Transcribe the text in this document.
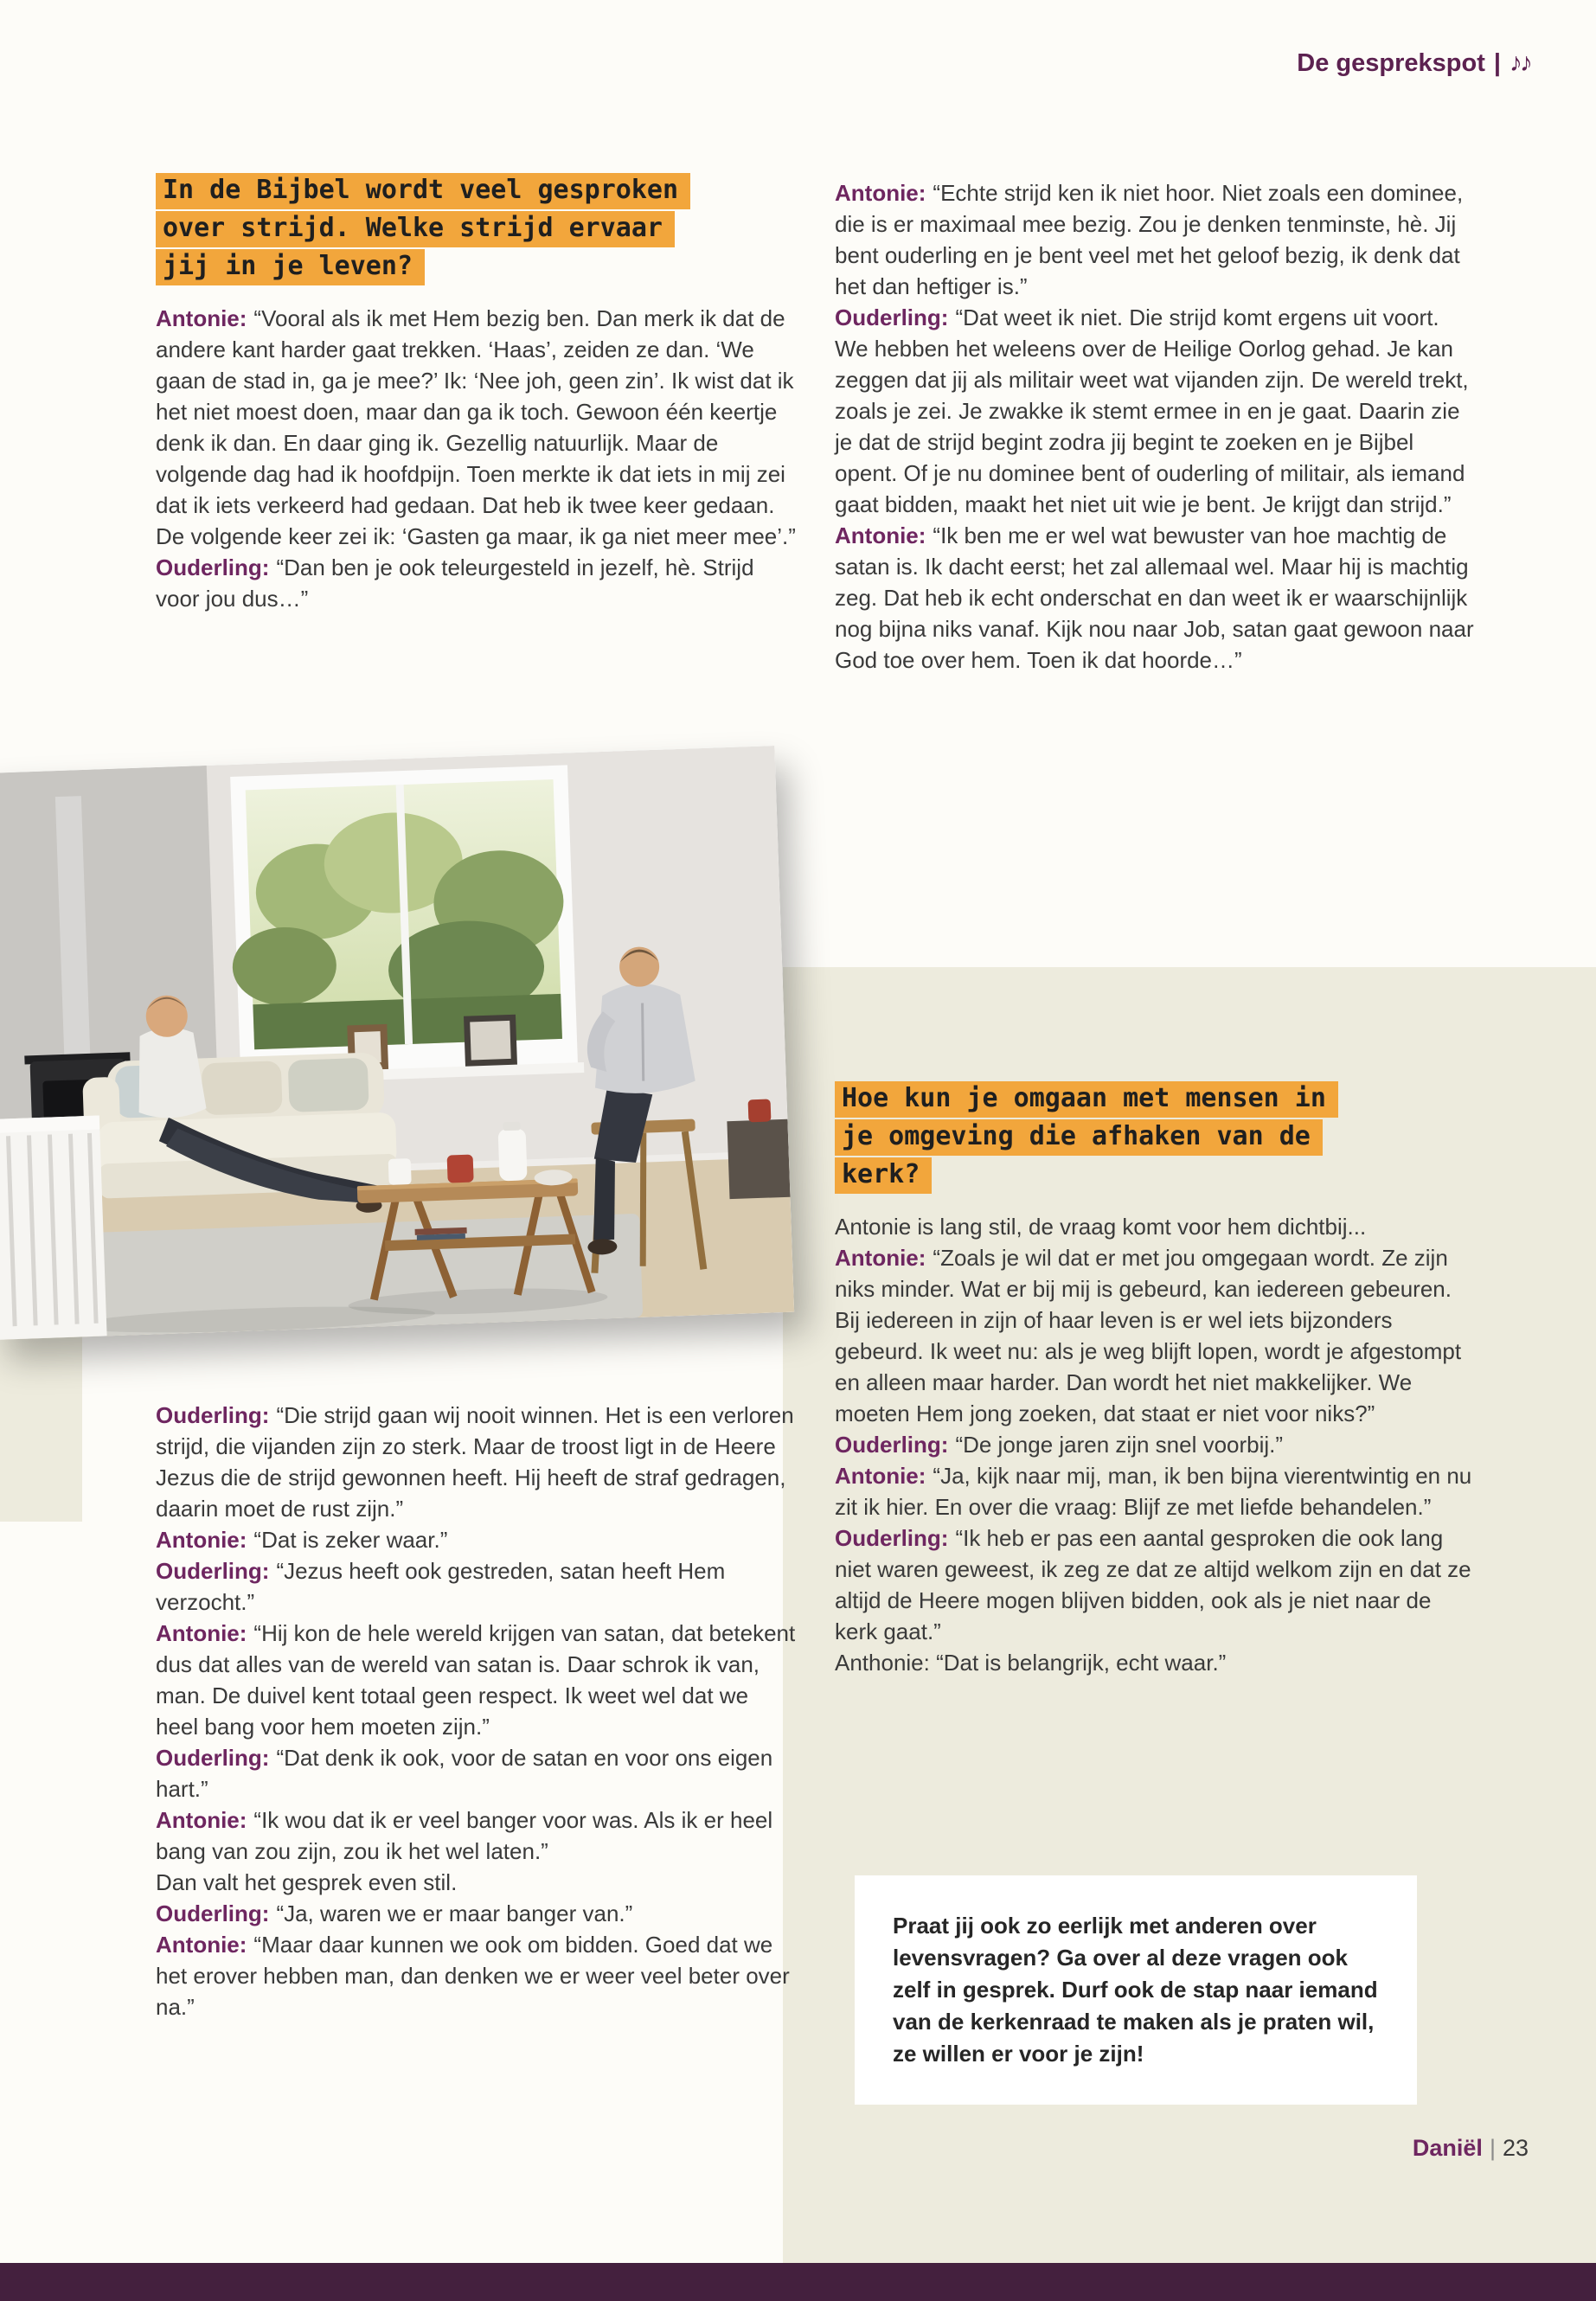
De gesprekspot | ♪♪
In de Bijbel wordt veel gesproken
over strijd. Welke strijd ervaar
jij in je leven?

Antonie: “Vooral als ik met Hem bezig ben. Dan merk ik dat de andere kant harder gaat trekken. ‘Haas’, zeiden ze dan. ‘We gaan de stad in, ga je mee?’ Ik: ‘Nee joh, geen zin’. Ik wist dat ik het niet moest doen, maar dan ga ik toch. Gewoon één keertje denk ik dan. En daar ging ik. Gezellig natuurlijk. Maar de volgende dag had ik hoofdpijn. Toen merkte ik dat iets in mij zei dat ik iets verkeerd had gedaan. Dat heb ik twee keer gedaan. De volgende keer zei ik: ‘Gasten ga maar, ik ga niet meer mee’.”

Ouderling: “Dan ben je ook teleurgesteld in jezelf, hè. Strijd voor jou dus…”

Antonie: “Echte strijd ken ik niet hoor. Niet zoals een dominee, die is er maximaal mee bezig. Zou je denken tenminste, hè. Jij bent ouderling en je bent veel met het geloof bezig, ik denk dat het dan heftiger is.”

Ouderling: “Dat weet ik niet. Die strijd komt ergens uit voort. We hebben het weleens over de Heilige Oorlog gehad. Je kan zeggen dat jij als militair weet wat vijanden zijn. De wereld trekt, zoals je zei. Je zwakke ik stemt ermee in en je gaat. Daarin zie je dat de strijd begint zodra jij begint te zoeken en je Bijbel opent. Of je nu dominee bent of ouderling of militair, als iemand gaat bidden, maakt het niet uit wie je bent. Je krijgt dan strijd.”

Antonie: “Ik ben me er wel wat bewuster van hoe machtig de satan is. Ik dacht eerst; het zal allemaal wel. Maar hij is machtig zeg. Dat heb ik echt onderschat en dan weet ik er waarschijnlijk nog bijna niks vanaf. Kijk nou naar Job, satan gaat gewoon naar God toe over hem. Toen ik dat hoorde…”

Ouderling: “Die strijd gaan wij nooit winnen. Het is een verloren strijd, die vijanden zijn zo sterk. Maar de troost ligt in de Heere Jezus die de strijd gewonnen heeft. Hij heeft de straf gedragen, daarin moet de rust zijn.”

Antonie: “Dat is zeker waar.”

Ouderling: “Jezus heeft ook gestreden, satan heeft Hem verzocht.”

Antonie: “Hij kon de hele wereld krijgen van satan, dat betekent dus dat alles van de wereld van satan is. Daar schrok ik van, man. De duivel kent totaal geen respect. Ik weet wel dat we heel bang voor hem moeten zijn.”

Ouderling: “Dat denk ik ook, voor de satan en voor ons eigen hart.”

Antonie: “Ik wou dat ik er veel banger voor was. Als ik er heel bang van zou zijn, zou ik het wel laten.”

Dan valt het gesprek even stil.

Ouderling: “Ja, waren we er maar banger van.”

Antonie: “Maar daar kunnen we ook om bidden. Goed dat we het erover hebben man, dan denken we er weer veel beter over na.”

Hoe kun je omgaan met mensen in
je omgeving die afhaken van de
kerk?

Antonie is lang stil, de vraag komt voor hem dichtbij...

Antonie: “Zoals je wil dat er met jou omgegaan wordt. Ze zijn niks minder. Wat er bij mij is gebeurd, kan iedereen gebeuren. Bij iedereen in zijn of haar leven is er wel iets bijzonders gebeurd. Ik weet nu: als je weg blijft lopen, wordt je afgestompt en alleen maar harder. Dan wordt het niet makkelijker. We moeten Hem jong zoeken, dat staat er niet voor niks?”

Ouderling: “De jonge jaren zijn snel voorbij.”

Antonie: “Ja, kijk naar mij, man, ik ben bijna vierentwintig en nu zit ik hier. En over die vraag: Blijf ze met liefde behandelen.”

Ouderling: “Ik heb er pas een aantal gesproken die ook lang niet waren geweest, ik zeg ze dat ze altijd welkom zijn en dat ze altijd de Heere mogen blijven bidden, ook als je niet naar de kerk gaat.”

Anthonie: “Dat is belangrijk, echt waar.”

Praat jij ook zo eerlijk met anderen over levensvragen? Ga over al deze vragen ook zelf in gesprek. Durf ook de stap naar iemand van de kerkenraad te maken als je praten wil, ze willen er voor je zijn!

Daniël | 23
